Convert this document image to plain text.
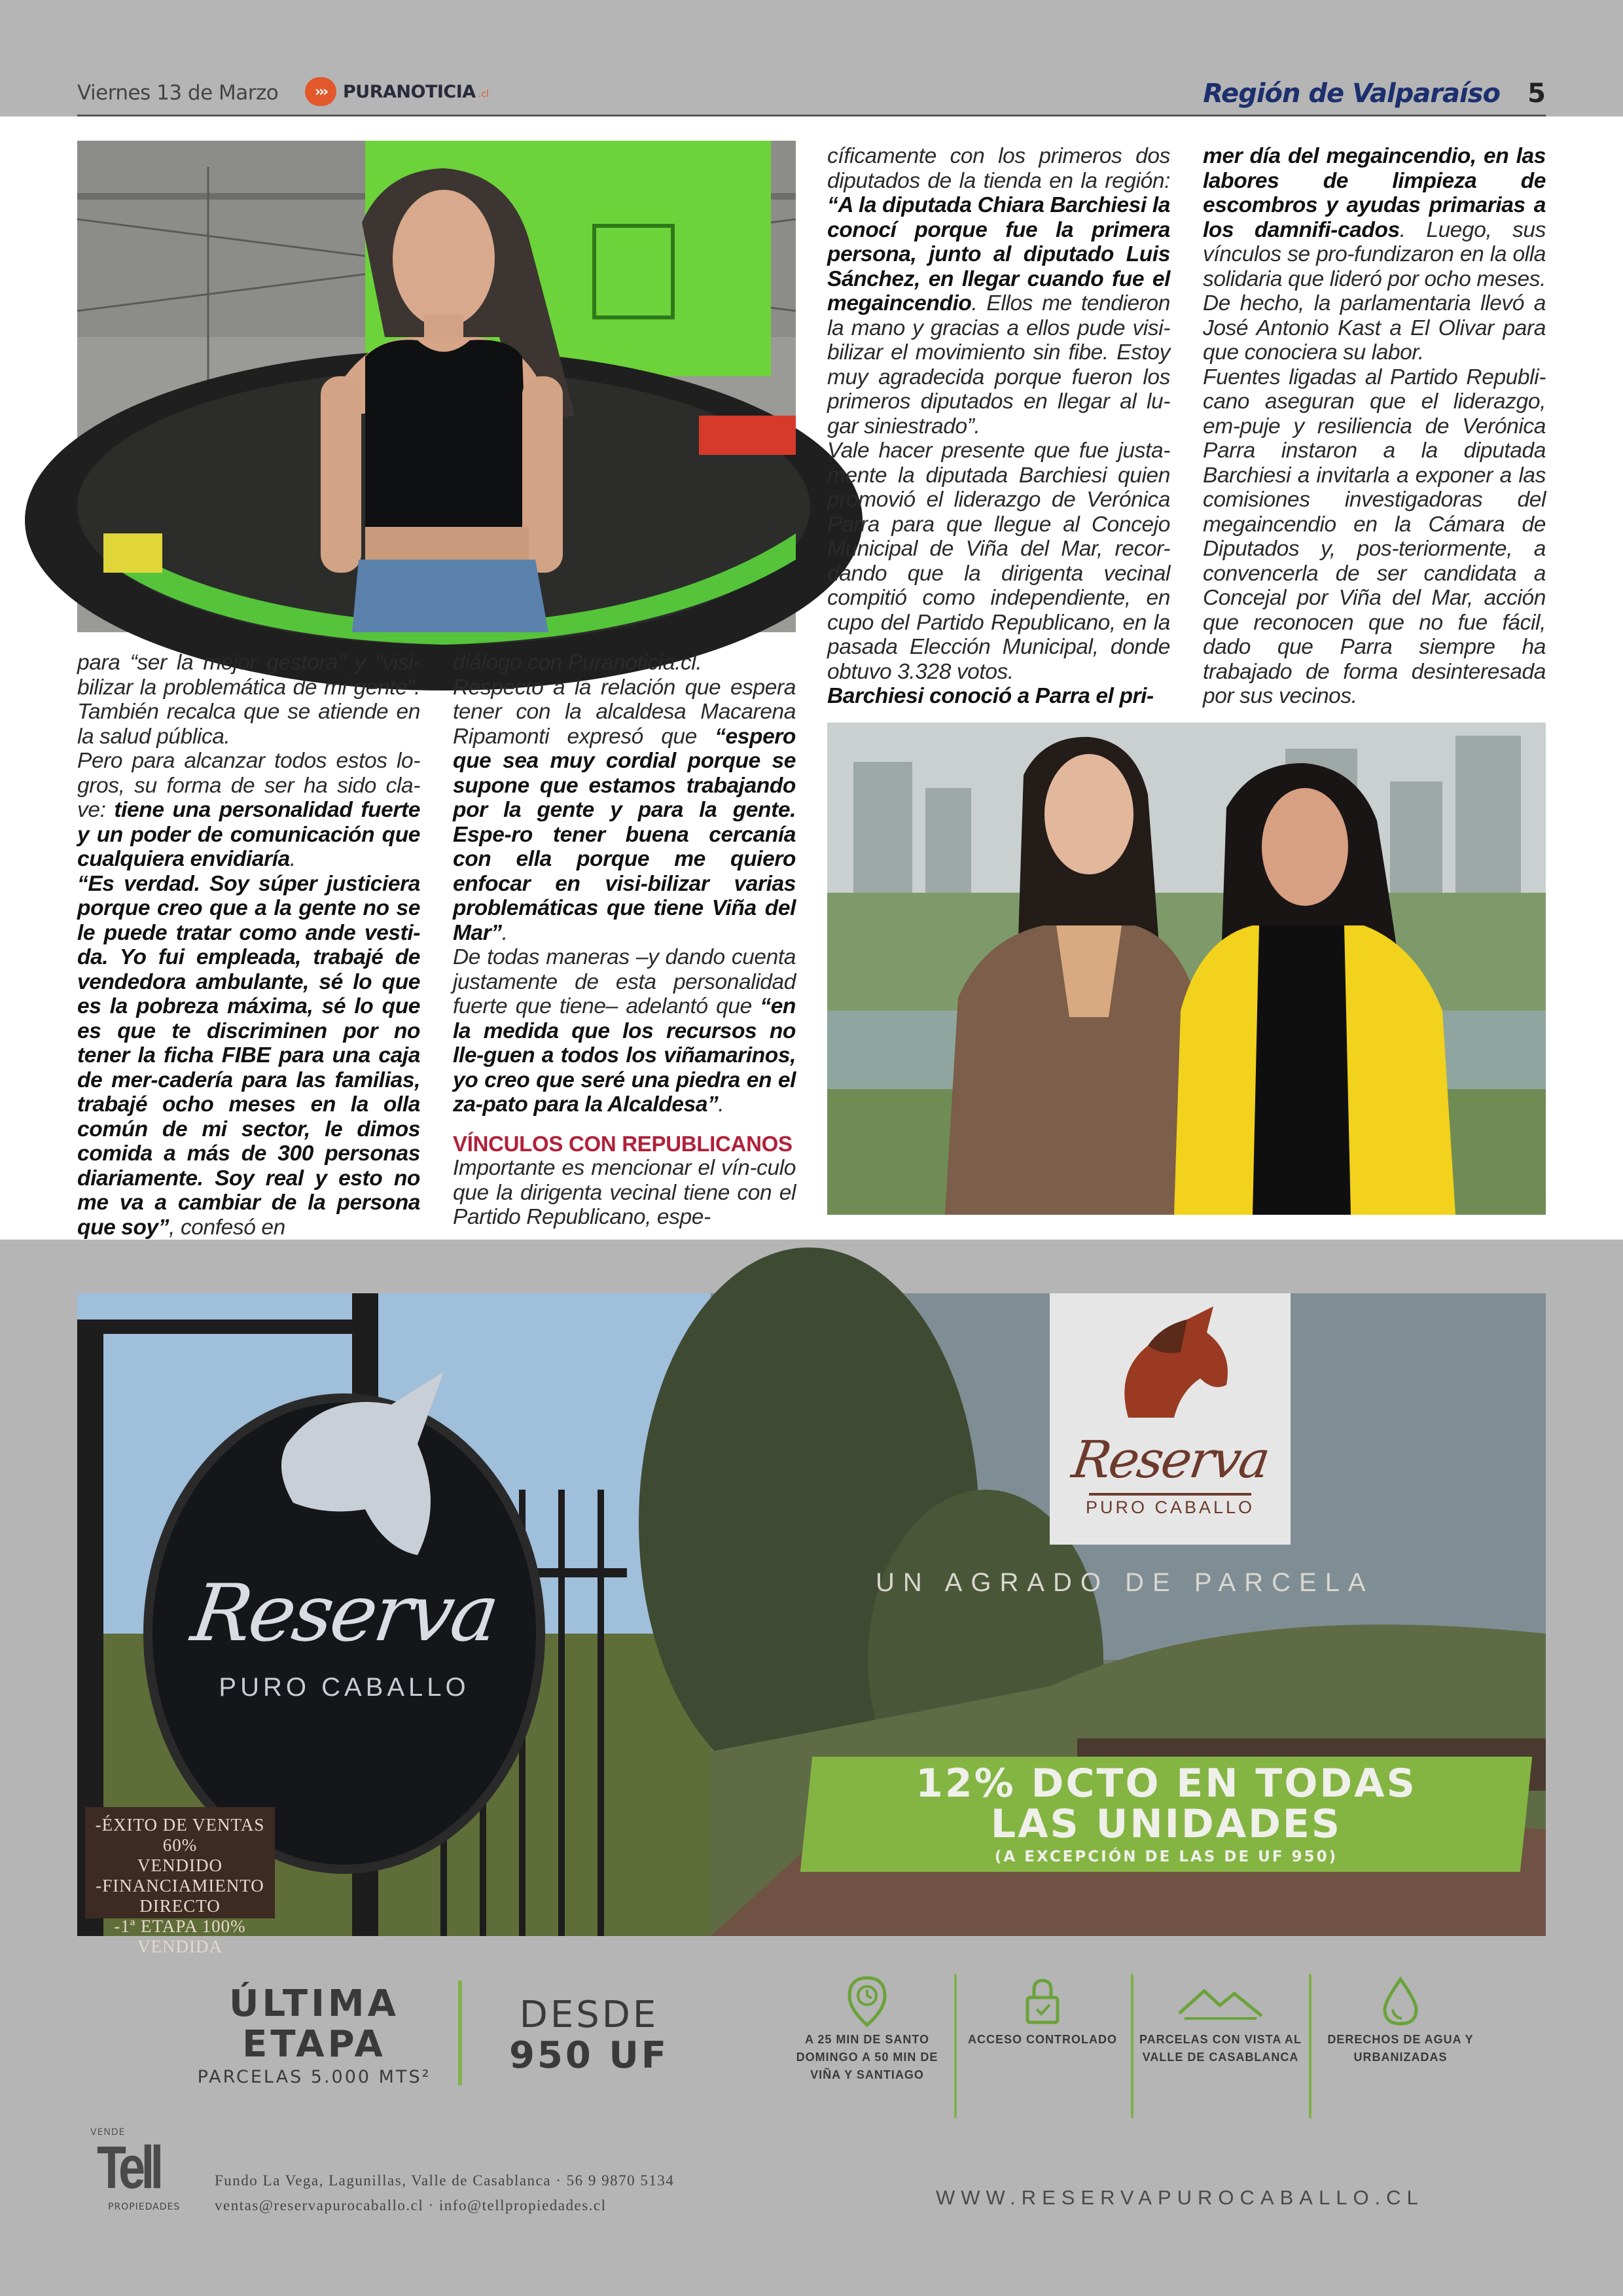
Viernes 13 de Marzo	››› PURANOTICIA .cl	Región de Valparaíso 5

para “ser la mejor gestora” y “visi-bilizar la problemática de mi gente”. También recalca que se atiende en la salud pública.

Pero para alcanzar todos estos lo-gros, su forma de ser ha sido cla-ve: tiene una personalidad fuerte y un poder de comunicación que cualquiera envidiaría.

“Es verdad. Soy súper justiciera porque creo que a la gente no se le puede tratar como ande vesti-da. Yo fui empleada, trabajé de vendedora ambulante, sé lo que es la pobreza máxima, sé lo que es que te discriminen por no tener la ficha FIBE para una caja de mer-cadería para las familias, trabajé ocho meses en la olla común de mi sector, le dimos comida a más de 300 personas diariamente. Soy real y esto no me va a cambiar de la persona que soy”, confesó en

diálogo con Puranoticia.cl.

Respecto a la relación que espera tener con la alcaldesa Macarena Ripamonti expresó que “espero que sea muy cordial porque se supone que estamos trabajando por la gente y para la gente. Espe-ro tener buena cercanía con ella porque me quiero enfocar en visi-bilizar varias problemáticas que tiene Viña del Mar”.

De todas maneras –y dando cuenta justamente de esta personalidad fuerte que tiene– adelantó que “en la medida que los recursos no lle-guen a todos los viñamarinos, yo creo que seré una piedra en el za-pato para la Alcaldesa”.

VÍNCULOS CON REPUBLICANOS

Importante es mencionar el vín-culo que la dirigenta vecinal tiene con el Partido Republicano, espe-

cíficamente con los primeros dos diputados de la tienda en la región: “A la diputada Chiara Barchiesi la conocí porque fue la primera persona, junto al diputado Luis Sánchez, en llegar cuando fue el megaincendio. Ellos me tendieron la mano y gracias a ellos pude visi-bilizar el movimiento sin fibe. Estoy muy agradecida porque fueron los primeros diputados en llegar al lu-gar siniestrado”.

Vale hacer presente que fue justa-mente la diputada Barchiesi quien promovió el liderazgo de Verónica Parra para que llegue al Concejo Municipal de Viña del Mar, recor-dando que la dirigenta vecinal compitió como independiente, en cupo del Partido Republicano, en la pasada Elección Municipal, donde obtuvo 3.328 votos.

Barchiesi conoció a Parra el pri-

mer día del megaincendio, en las labores de limpieza de escombros y ayudas primarias a los damnifi-cados. Luego, sus vínculos se pro-fundizaron en la olla solidaria que lideró por ocho meses. De hecho, la parlamentaria llevó a José Antonio Kast a El Olivar para que conociera su labor.

Fuentes ligadas al Partido Republi-cano aseguran que el liderazgo, em-puje y resiliencia de Verónica Parra instaron a la diputada Barchiesi a invitarla a exponer a las comisiones investigadoras del megaincendio en la Cámara de Diputados y, pos-teriormente, a convencerla de ser candidata a Concejal por Viña del Mar, acción que reconocen que no fue fácil, dado que Parra siempre ha trabajado de forma desinteresada por sus vecinos.

Reserva
PURO CABALLO
-ÉXITO DE VENTAS 60%
VENDIDO
-FINANCIAMIENTO
DIRECTO
-1ª ETAPA 100%
VENDIDA
Reserva
PURO CABALLO
UN AGRADO DE PARCELA
12% DCTO EN TODAS
LAS UNIDADES
(A EXCEPCIÓN DE LAS DE UF 950)
ÚLTIMA
ETAPA
PARCELAS 5.000 MTS²
DESDE
950 UF	A 25 MIN DE SANTO DOMINGO A 50 MIN DE VIÑA Y SANTIAGO
ACCESO CONTROLADO	PARCELAS CON VISTA AL VALLE DE CASABLANCA
DERECHOS DE AGUA Y URBANIZADAS
VENDE
Tell
PROPIEDADES
Fundo La Vega, Lagunillas, Valle de Casablanca · 56 9 9870 5134
ventas@reservapurocaballo.cl · info@tellpropiedades.cl	WWW.RESERVAPUROCABALLO.CL
